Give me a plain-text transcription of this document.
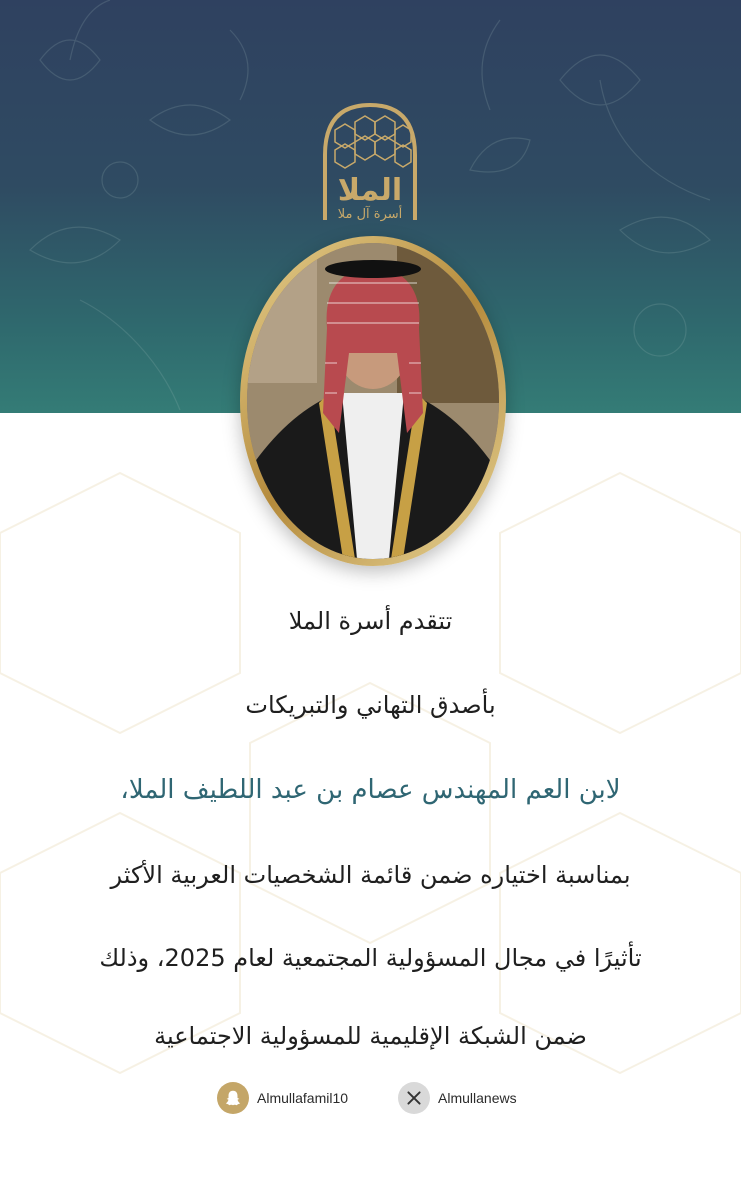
الملا
أسرة آل ملا
تتقدم أسرة الملا
بأصدق التهاني والتبريكات
لابن العم المهندس عصام بن عبد اللطيف الملا،
بمناسبة اختياره ضمن قائمة الشخصيات العربية الأكثر
تأثيرًا في مجال المسؤولية المجتمعية لعام 2025، وذلك
ضمن الشبكة الإقليمية للمسؤولية الاجتماعية
Almullafamil10	Almullanews
